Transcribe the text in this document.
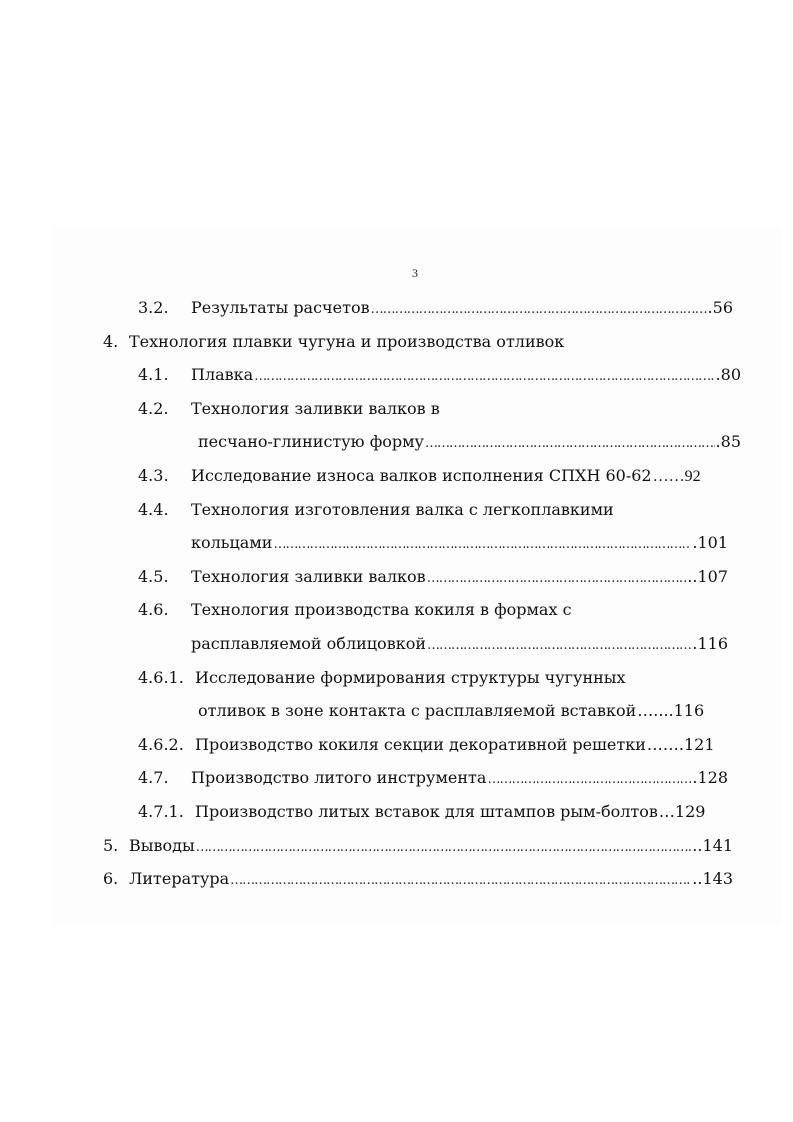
3
3.2. Результаты расчетов ……………………………………………………………………………………………………………………………………………………………………………………………………………………	.56
4. Технология плавки чугуна и производства отливок
4.1. Плавка ……………………………………………………………………………………………………………………………………………………………………………………………………………………	.80
4.2. Технология заливки валков в
песчано-глинистую форму ……………………………………………………………………………………………………………………………………………………………………………………………………………………	.85
4.3. Исследование износа валков исполнения СПХН 60-62 ……92
4.4. Технология изготовления валка с легкоплавкими
кольцами ……………………………………………………………………………………………………………………………………………………………………………………………………………………	.101
4.5. Технология заливки валков ……………………………………………………………………………………………………………………………………………………………………………………………………………………	..107
4.6. Технология производства кокиля в формах с
расплавляемой облицовкой ……………………………………………………………………………………………………………………………………………………………………………………………………………………	.116
4.6.1. Исследование формирования структуры чугунных
отливок в зоне контакта с расплавляемой вставкой …....116
4.6.2. Производство кокиля секции декоративной решетки …….121
4.7. Производство литого инструмента ……………………………………………………………………………………………………………………………………………………………………………………………………………………	.128
4.7.1. Производство литых вставок для штампов рым-болтов …129
5. Выводы ……………………………………………………………………………………………………………………………………………………………………………………………………………………	..141
6. Литература ……………………………………………………………………………………………………………………………………………………………………………………………………………………	..143
